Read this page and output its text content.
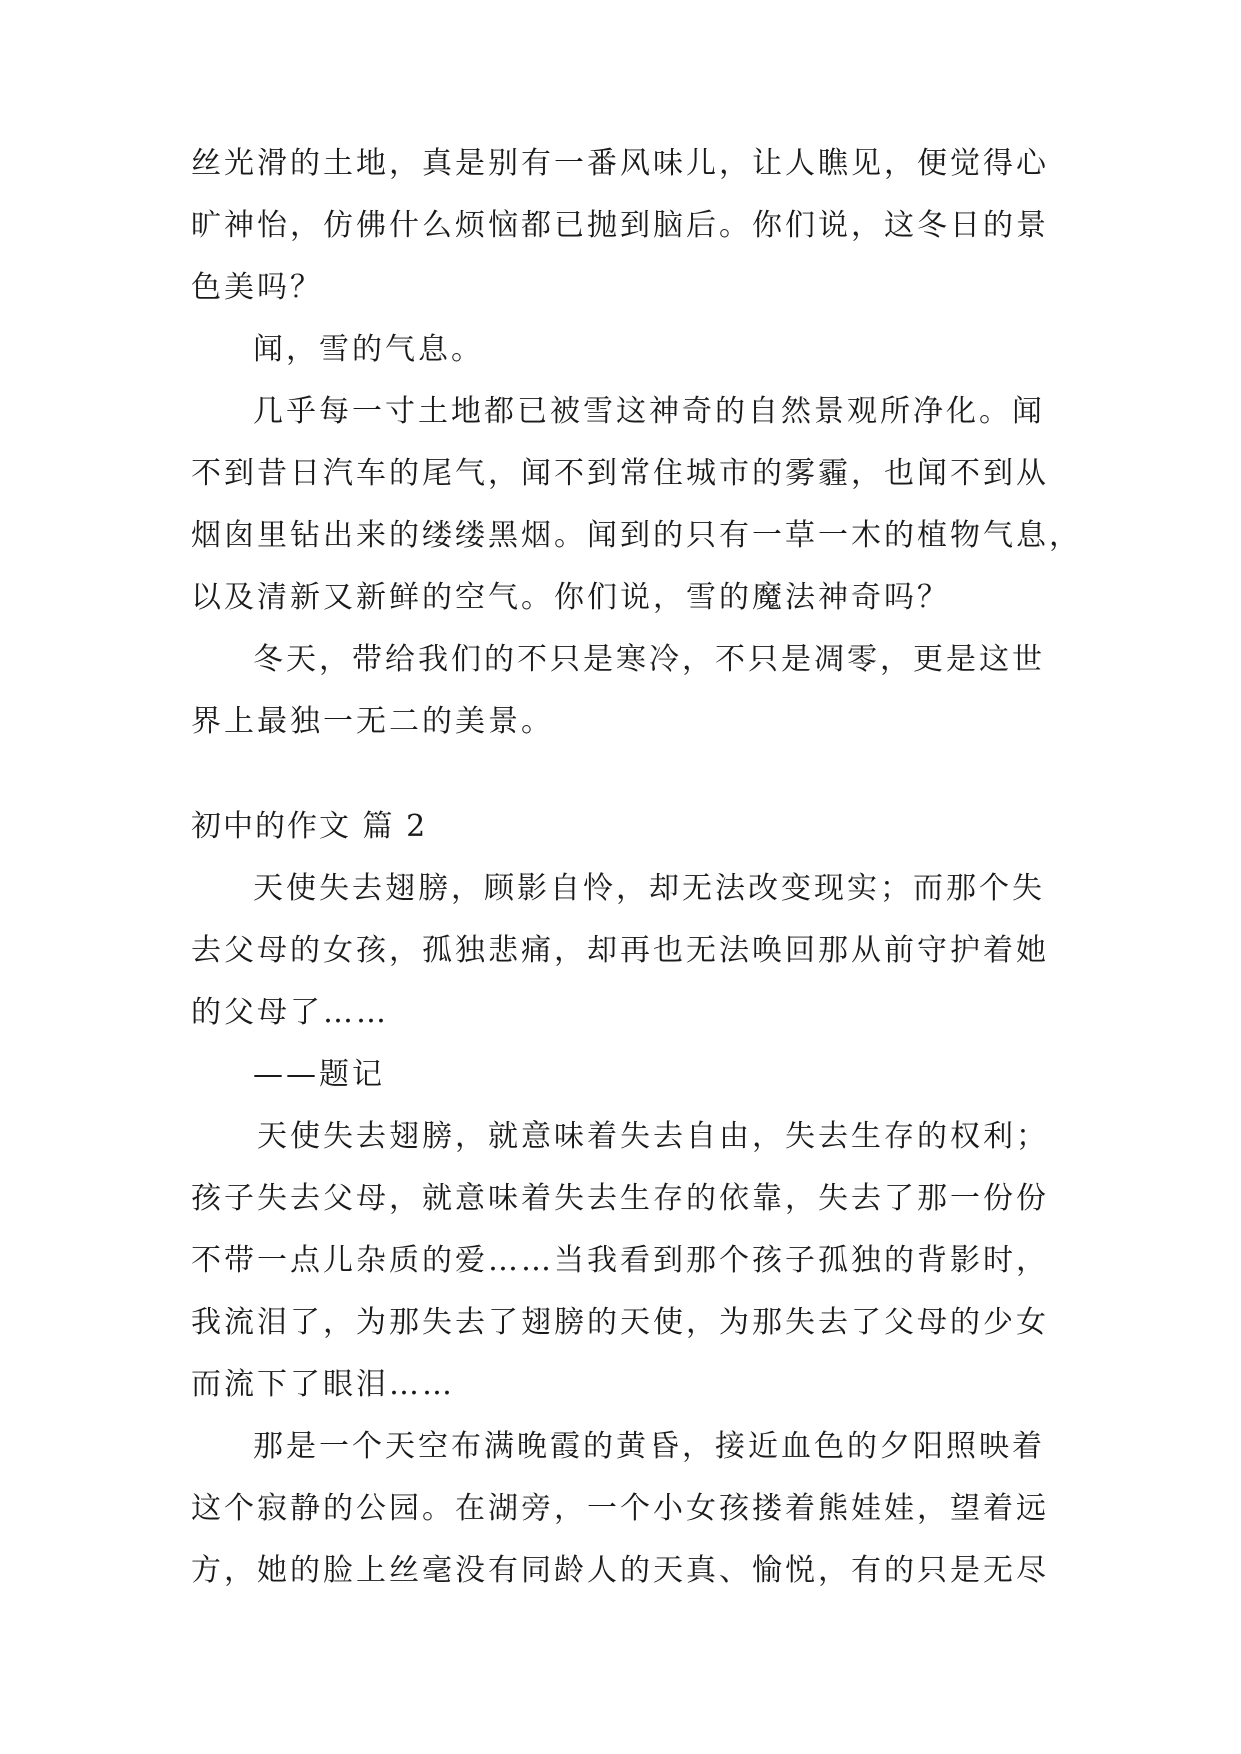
丝光滑的土地，真是别有一番风味儿，让人瞧见，便觉得心
旷神怡，仿佛什么烦恼都已抛到脑后。你们说，这冬日的景
色美吗？
闻，雪的气息。
几乎每一寸土地都已被雪这神奇的自然景观所净化。闻
不到昔日汽车的尾气，闻不到常住城市的雾霾，也闻不到从
烟囱里钻出来的缕缕黑烟。闻到的只有一草一木的植物气息，
以及清新又新鲜的空气。你们说，雪的魔法神奇吗？
冬天，带给我们的不只是寒冷，不只是凋零，更是这世
界上最独一无二的美景。
初中的作文 篇 2
天使失去翅膀，顾影自怜，却无法改变现实；而那个失
去父母的女孩，孤独悲痛，却再也无法唤回那从前守护着她
的父母了……
——题记
天使失去翅膀，就意味着失去自由，失去生存的权利；
孩子失去父母，就意味着失去生存的依靠，失去了那一份份
不带一点儿杂质的爱……当我看到那个孩子孤独的背影时，
我流泪了，为那失去了翅膀的天使，为那失去了父母的少女
而流下了眼泪……
那是一个天空布满晚霞的黄昏，接近血色的夕阳照映着
这个寂静的公园。在湖旁，一个小女孩搂着熊娃娃，望着远
方，她的脸上丝毫没有同龄人的天真、愉悦，有的只是无尽
